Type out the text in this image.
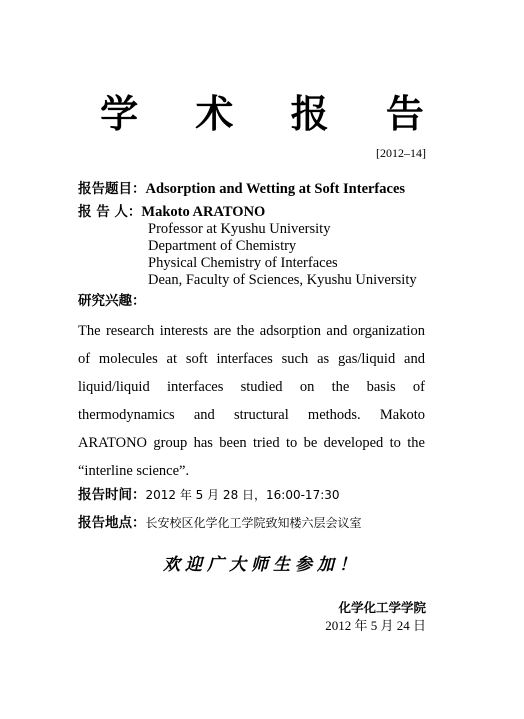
学 术 报 告
[2012–14]
报告题目：Adsorption and Wetting at Soft Interfaces
报 告 人：Makoto ARATONO
Professor at Kyushu University
Department of Chemistry
Physical Chemistry of Interfaces
Dean, Faculty of Sciences, Kyushu University
研究兴趣：
The research interests are the adsorption and organization of molecules at soft interfaces such as gas/liquid and liquid/liquid interfaces studied on the basis of thermodynamics and structural methods. Makoto ARATONO group has been tried to be developed to the “interline science”.
报告时间：2012 年 5 月 28 日，16:00-17:30
报告地点：长安校区化学化工学院致知楼六层会议室
欢迎广大师生参加！
化学化工学学院
2012 年 5 月 24 日
